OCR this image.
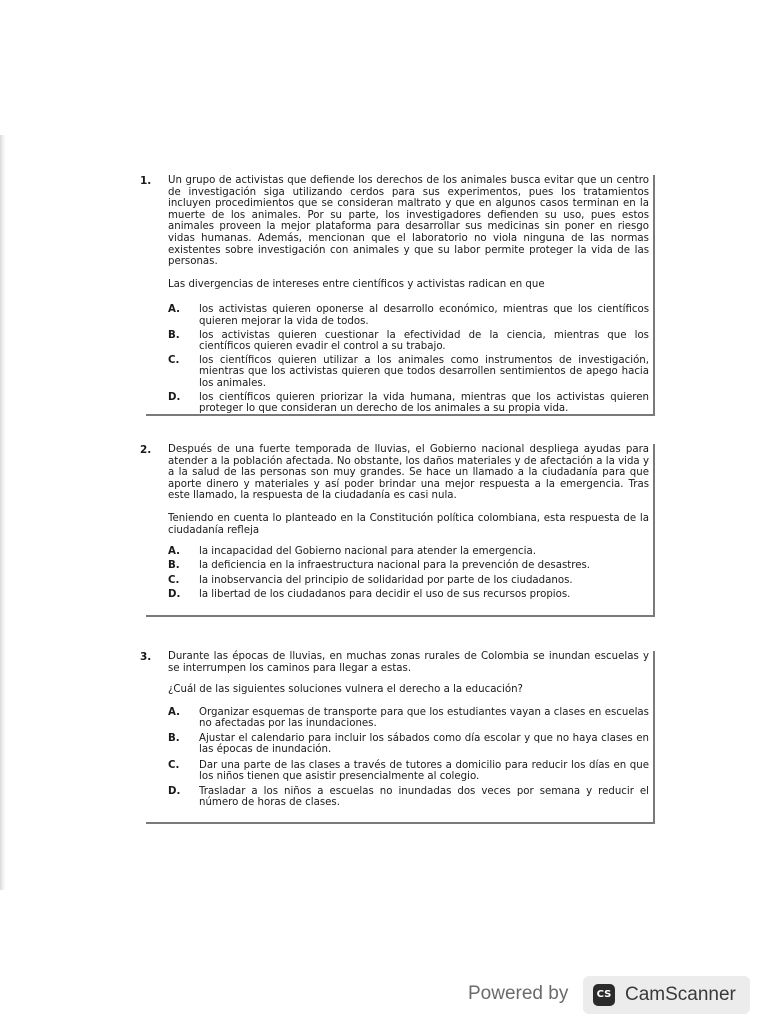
1. Un grupo de activistas que defiende los derechos de los animales busca evitar que un centro de investigación siga utilizando cerdos para sus experimentos, pues los tratamientos incluyen procedimientos que se consideran maltrato y que en algunos casos terminan en la muerte de los animales. Por su parte, los investigadores defienden su uso, pues estos animales proveen la mejor plataforma para desarrollar sus medicinas sin poner en riesgo vidas humanas. Además, mencionan que el laboratorio no viola ninguna de las normas existentes sobre investigación con animales y que su labor permite proteger la vida de las personas.
Las divergencias de intereses entre científicos y activistas radican en que
A.	los activistas quieren oponerse al desarrollo económico, mientras que los científicos quieren mejorar la vida de todos.
B.	los activistas quieren cuestionar la efectividad de la ciencia, mientras que los científicos quieren evadir el control a su trabajo.
C.	los científicos quieren utilizar a los animales como instrumentos de investigación, mientras que los activistas quieren que todos desarrollen sentimientos de apego hacia los animales.
D.	los científicos quieren priorizar la vida humana, mientras que los activistas quieren proteger lo que consideran un derecho de los animales a su propia vida.
2. Después de una fuerte temporada de lluvias, el Gobierno nacional despliega ayudas para atender a la población afectada. No obstante, los daños materiales y de afectación a la vida y a la salud de las personas son muy grandes. Se hace un llamado a la ciudadanía para que aporte dinero y materiales y así poder brindar una mejor respuesta a la emergencia. Tras este llamado, la respuesta de la ciudadanía es casi nula.
Teniendo en cuenta lo planteado en la Constitución política colombiana, esta respuesta de la ciudadanía refleja
A.	la incapacidad del Gobierno nacional para atender la emergencia.
B.	la deficiencia en la infraestructura nacional para la prevención de desastres.
C.	la inobservancia del principio de solidaridad por parte de los ciudadanos.
D.	la libertad de los ciudadanos para decidir el uso de sus recursos propios.
3. Durante las épocas de lluvias, en muchas zonas rurales de Colombia se inundan escuelas y se interrumpen los caminos para llegar a estas.
¿Cuál de las siguientes soluciones vulnera el derecho a la educación?
A.	Organizar esquemas de transporte para que los estudiantes vayan a clases en escuelas no afectadas por las inundaciones.
B.	Ajustar el calendario para incluir los sábados como día escolar y que no haya clases en las épocas de inundación.
C.	Dar una parte de las clases a través de tutores a domicilio para reducir los días en que los niños tienen que asistir presencialmente al colegio.
D.	Trasladar a los niños a escuelas no inundadas dos veces por semana y reducir el número de horas de clases.
Powered by	CS CamScanner
